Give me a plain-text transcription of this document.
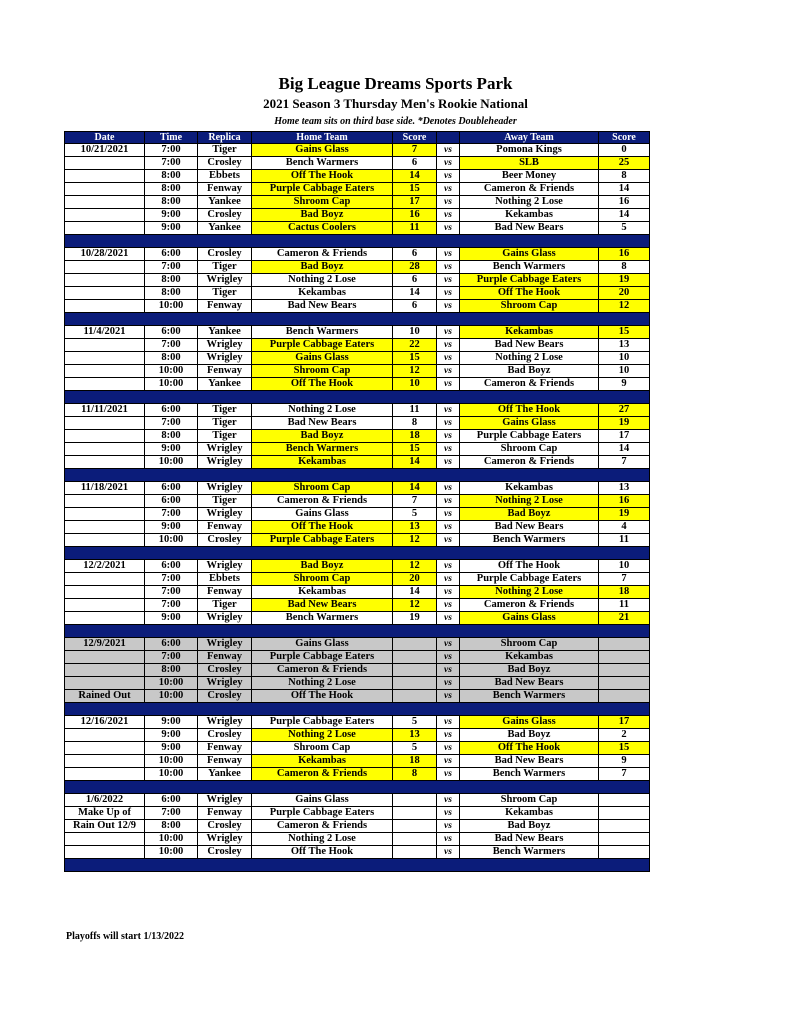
Big League Dreams Sports Park
2021 Season 3 Thursday Men's Rookie National
Home team sits on third base side. *Denotes Doubleheader
Date	Time	Replica	Home Team	Score		Away Team	Score
10/21/2021	7:00	Tiger	Gains Glass	7	vs	Pomona Kings	0
	7:00	Crosley	Bench Warmers	6	vs	SLB	25
	8:00	Ebbets	Off The Hook	14	vs	Beer Money	8
	8:00	Fenway	Purple Cabbage Eaters	15	vs	Cameron & Friends	14
	8:00	Yankee	Shroom Cap	17	vs	Nothing 2 Lose	16
	9:00	Crosley	Bad Boyz	16	vs	Kekambas	14
	9:00	Yankee	Cactus Coolers	11	vs	Bad New Bears	5

10/28/2021	6:00	Crosley	Cameron & Friends	6	vs	Gains Glass	16
	7:00	Tiger	Bad Boyz	28	vs	Bench Warmers	8
	8:00	Wrigley	Nothing 2 Lose	6	vs	Purple Cabbage Eaters	19
	8:00	Tiger	Kekambas	14	vs	Off The Hook	20
	10:00	Fenway	Bad New Bears	6	vs	Shroom Cap	12

11/4/2021	6:00	Yankee	Bench Warmers	10	vs	Kekambas	15
	7:00	Wrigley	Purple Cabbage Eaters	22	vs	Bad New Bears	13
	8:00	Wrigley	Gains Glass	15	vs	Nothing 2 Lose	10
	10:00	Fenway	Shroom Cap	12	vs	Bad Boyz	10
	10:00	Yankee	Off The Hook	10	vs	Cameron & Friends	9

11/11/2021	6:00	Tiger	Nothing 2 Lose	11	vs	Off The Hook	27
	7:00	Tiger	Bad New Bears	8	vs	Gains Glass	19
	8:00	Tiger	Bad Boyz	18	vs	Purple Cabbage Eaters	17
	9:00	Wrigley	Bench Warmers	15	vs	Shroom Cap	14
	10:00	Wrigley	Kekambas	14	vs	Cameron & Friends	7

11/18/2021	6:00	Wrigley	Shroom Cap	14	vs	Kekambas	13
	6:00	Tiger	Cameron & Friends	7	vs	Nothing 2 Lose	16
	7:00	Wrigley	Gains Glass	5	vs	Bad Boyz	19
	9:00	Fenway	Off The Hook	13	vs	Bad New Bears	4
	10:00	Crosley	Purple Cabbage Eaters	12	vs	Bench Warmers	11

12/2/2021	6:00	Wrigley	Bad Boyz	12	vs	Off The Hook	10
	7:00	Ebbets	Shroom Cap	20	vs	Purple Cabbage Eaters	7
	7:00	Fenway	Kekambas	14	vs	Nothing 2 Lose	18
	7:00	Tiger	Bad New Bears	12	vs	Cameron & Friends	11
	9:00	Wrigley	Bench Warmers	19	vs	Gains Glass	21

12/9/2021	6:00	Wrigley	Gains Glass		vs	Shroom Cap	
	7:00	Fenway	Purple Cabbage Eaters		vs	Kekambas	
	8:00	Crosley	Cameron & Friends		vs	Bad Boyz	
	10:00	Wrigley	Nothing 2 Lose		vs	Bad New Bears	
Rained Out	10:00	Crosley	Off The Hook		vs	Bench Warmers	

12/16/2021	9:00	Wrigley	Purple Cabbage Eaters	5	vs	Gains Glass	17
	9:00	Crosley	Nothing 2 Lose	13	vs	Bad Boyz	2
	9:00	Fenway	Shroom Cap	5	vs	Off The Hook	15
	10:00	Fenway	Kekambas	18	vs	Bad New Bears	9
	10:00	Yankee	Cameron & Friends	8	vs	Bench Warmers	7

1/6/2022	6:00	Wrigley	Gains Glass		vs	Shroom Cap	
Make Up of	7:00	Fenway	Purple Cabbage Eaters		vs	Kekambas	
Rain Out 12/9	8:00	Crosley	Cameron & Friends		vs	Bad Boyz	
	10:00	Wrigley	Nothing 2 Lose		vs	Bad New Bears	
	10:00	Crosley	Off The Hook		vs	Bench Warmers	

Playoffs will start 1/13/2022
